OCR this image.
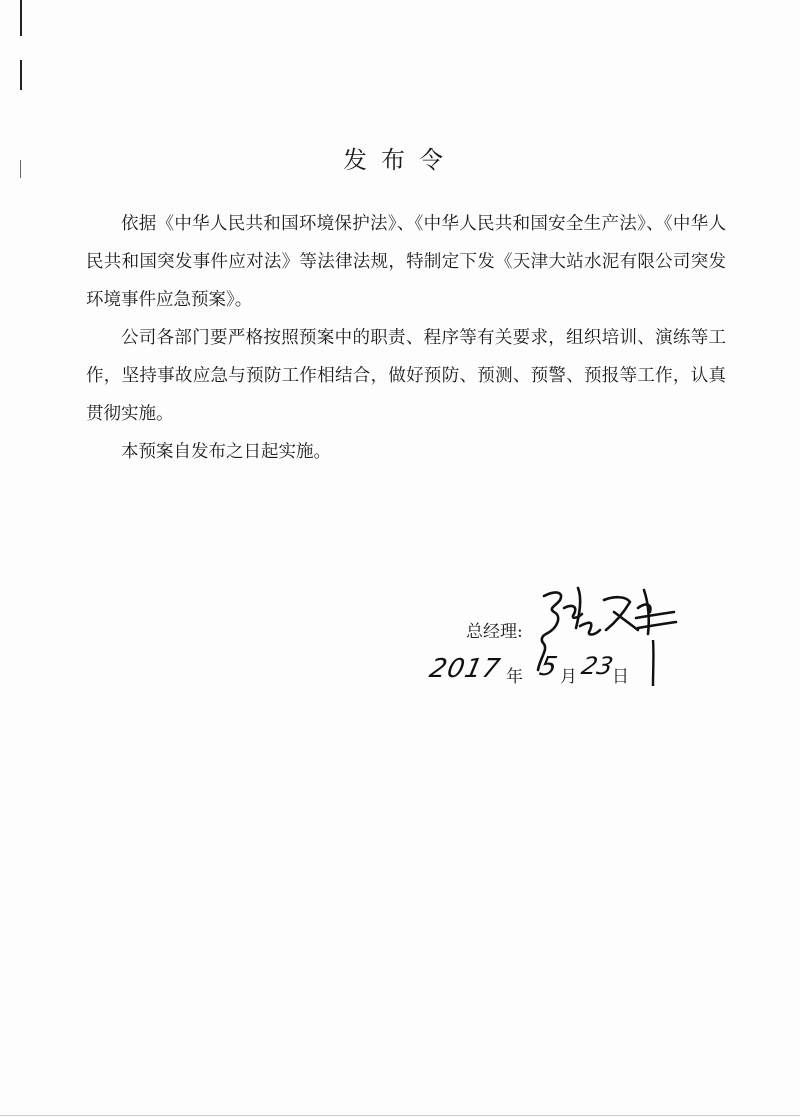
发布令

依据《中华人民共和国环境保护法》、《中华人民共和国安全生产法》、《中华人民共和国突发事件应对法》等法律法规，特制定下发《天津大站水泥有限公司突发环境事件应急预案》。

公司各部门要严格按照预案中的职责、程序等有关要求，组织培训、演练等工作，坚持事故应急与预防工作相结合，做好预防、预测、预警、预报等工作，认真贯彻实施。

本预案自发布之日起实施。

总经理:
2017 年 5 月 23
日
